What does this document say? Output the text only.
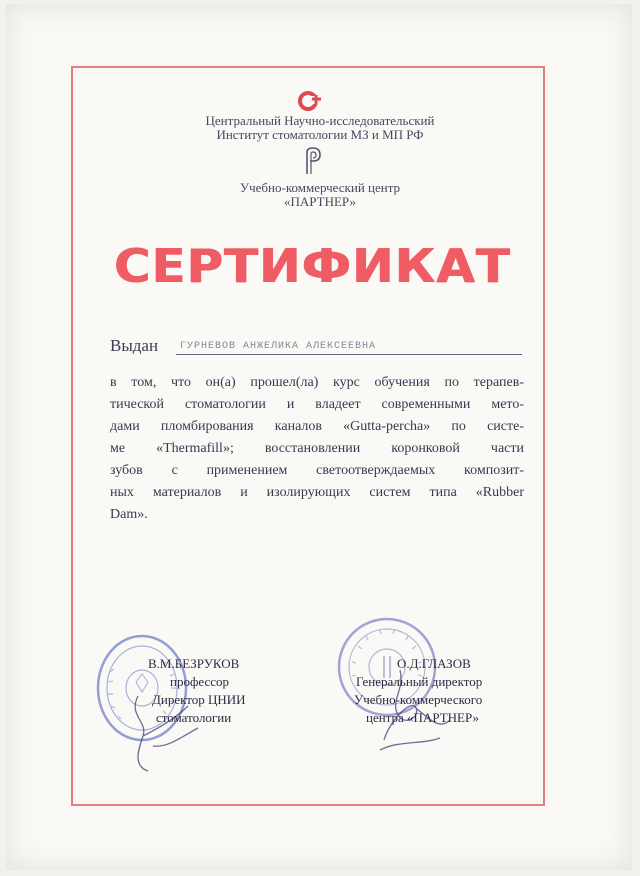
Центральный Научно-исследовательский
Институт стоматологии МЗ и МП РФ
Учебно-коммерческий центр
«ПАРТНЕР»
СЕРТИФИКАТ
Выдан	ГУРНЕВОВ АНЖЕЛИКА АЛЕКСЕЕВНА
в том, что он(а) прошел(ла) курс обучения по терапев-
тической стоматологии и владеет современными мето-
дами пломбирования каналов «Gutta-percha» по систе-
ме «Thermafill»; восстановлении коронковой части
зубов с применением светоотверждаемых композит-
ных материалов и изолирующих систем типа «Rubber
Dam».
В.М.БЕЗРУКОВ
профессор
Директор ЦНИИ
стоматологии
О.Д.ГЛАЗОВ
Генеральный директор
Учебно-коммерческого
центра «ПАРТНЕР»
